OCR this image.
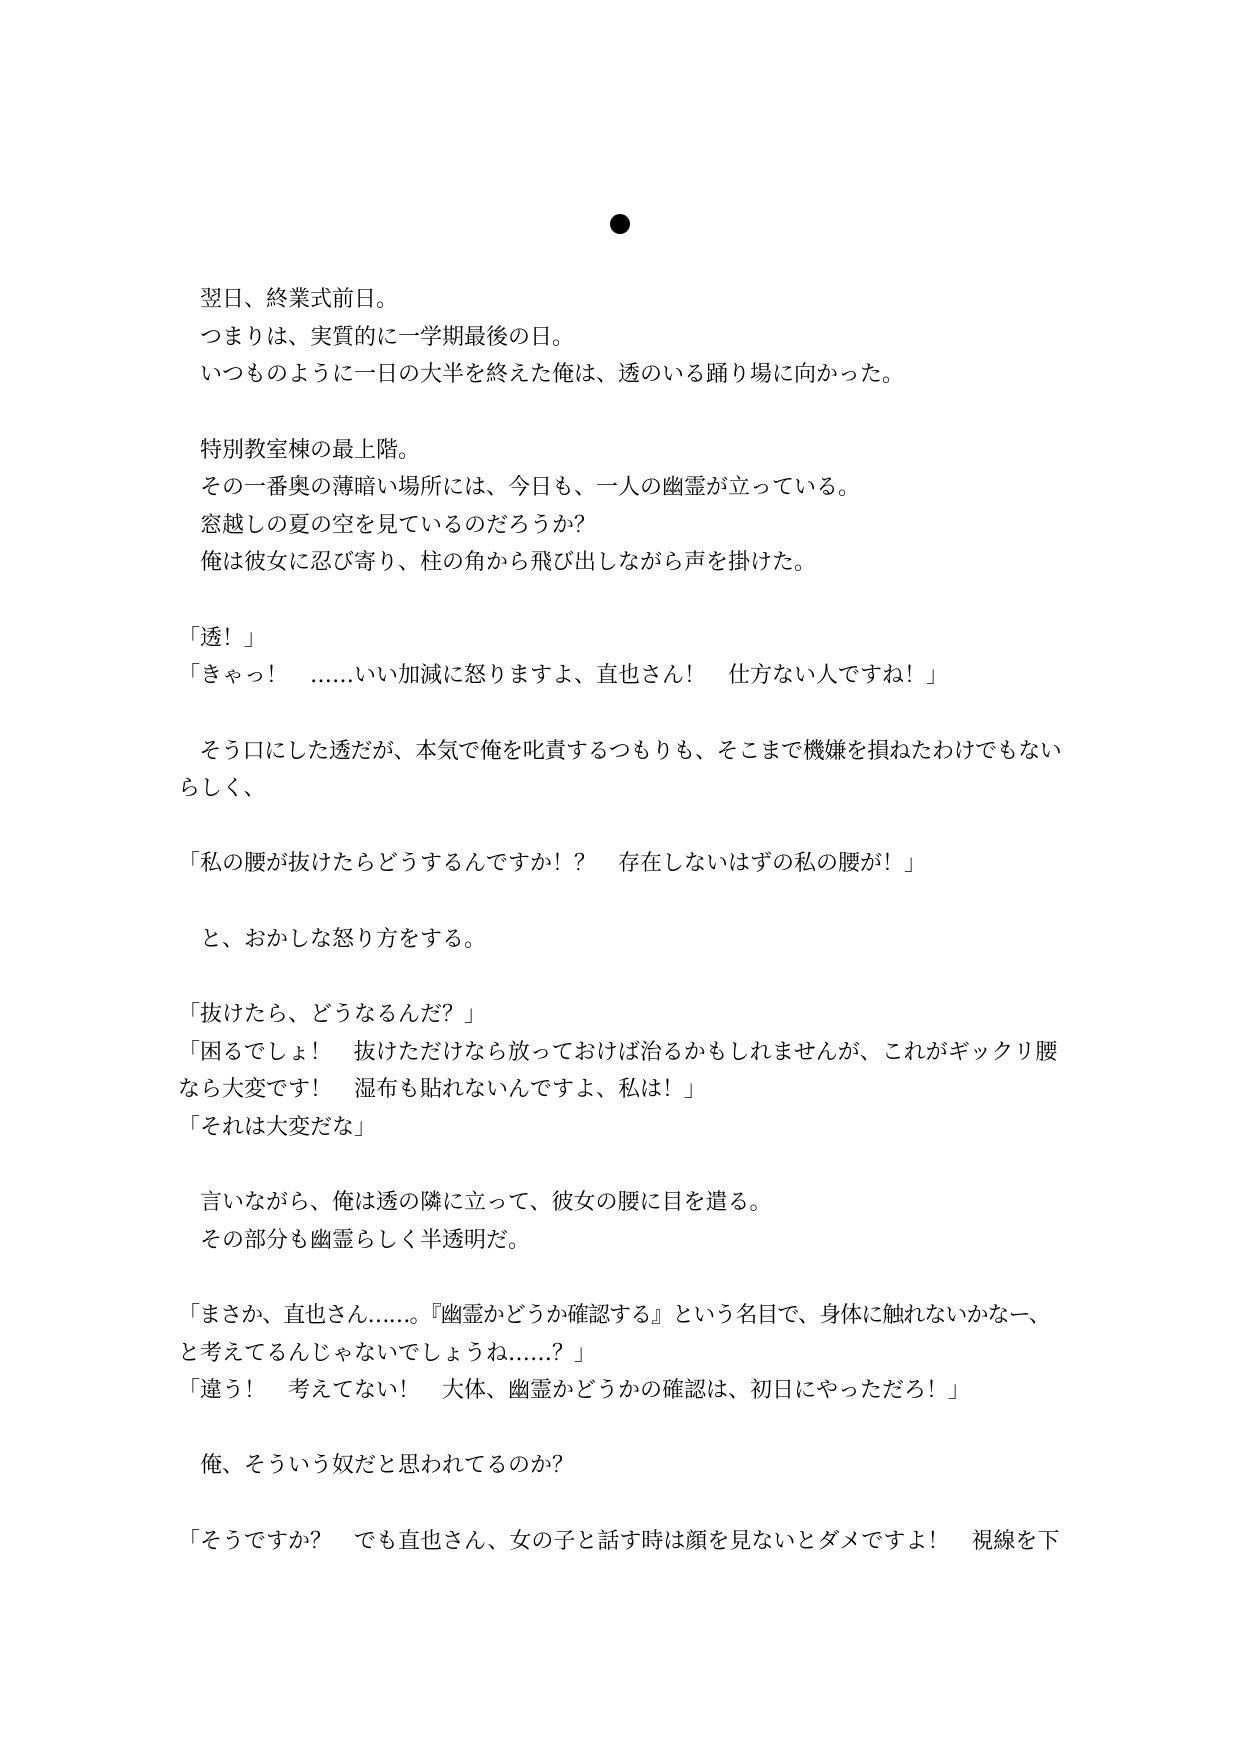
　翌日、終業式前日。
　つまりは、実質的に一学期最後の日。
　いつものように一日の大半を終えた俺は、透のいる踊り場に向かった。
　特別教室棟の最上階。
　その一番奥の薄暗い場所には、今日も、一人の幽霊が立っている。
　窓越しの夏の空を見ているのだろうか？
　俺は彼女に忍び寄り、柱の角から飛び出しながら声を掛けた。
「透！」
「きゃっ！　……いい加減に怒りますよ、直也さん！　仕方ない人ですね！」
　そう口にした透だが、本気で俺を叱責するつもりも、そこまで機嫌を損ねたわけでもない
らしく、
「私の腰が抜けたらどうするんですか！？　存在しないはずの私の腰が！」
　と、おかしな怒り方をする。
「抜けたら、どうなるんだ？」
「困るでしょ！　抜けただけなら放っておけば治るかもしれませんが、これがギックリ腰
なら大変です！　湿布も貼れないんですよ、私は！」
「それは大変だな」
　言いながら、俺は透の隣に立って、彼女の腰に目を遣る。
　その部分も幽霊らしく半透明だ。
「まさか、直也さん……。『幽霊かどうか確認する』という名目で、身体に触れないかなー、
と考えてるんじゃないでしょうね……？」
「違う！　考えてない！　大体、幽霊かどうかの確認は、初日にやっただろ！」
　俺、そういう奴だと思われてるのか？
「そうですか？　でも直也さん、女の子と話す時は顔を見ないとダメですよ！　視線を下
